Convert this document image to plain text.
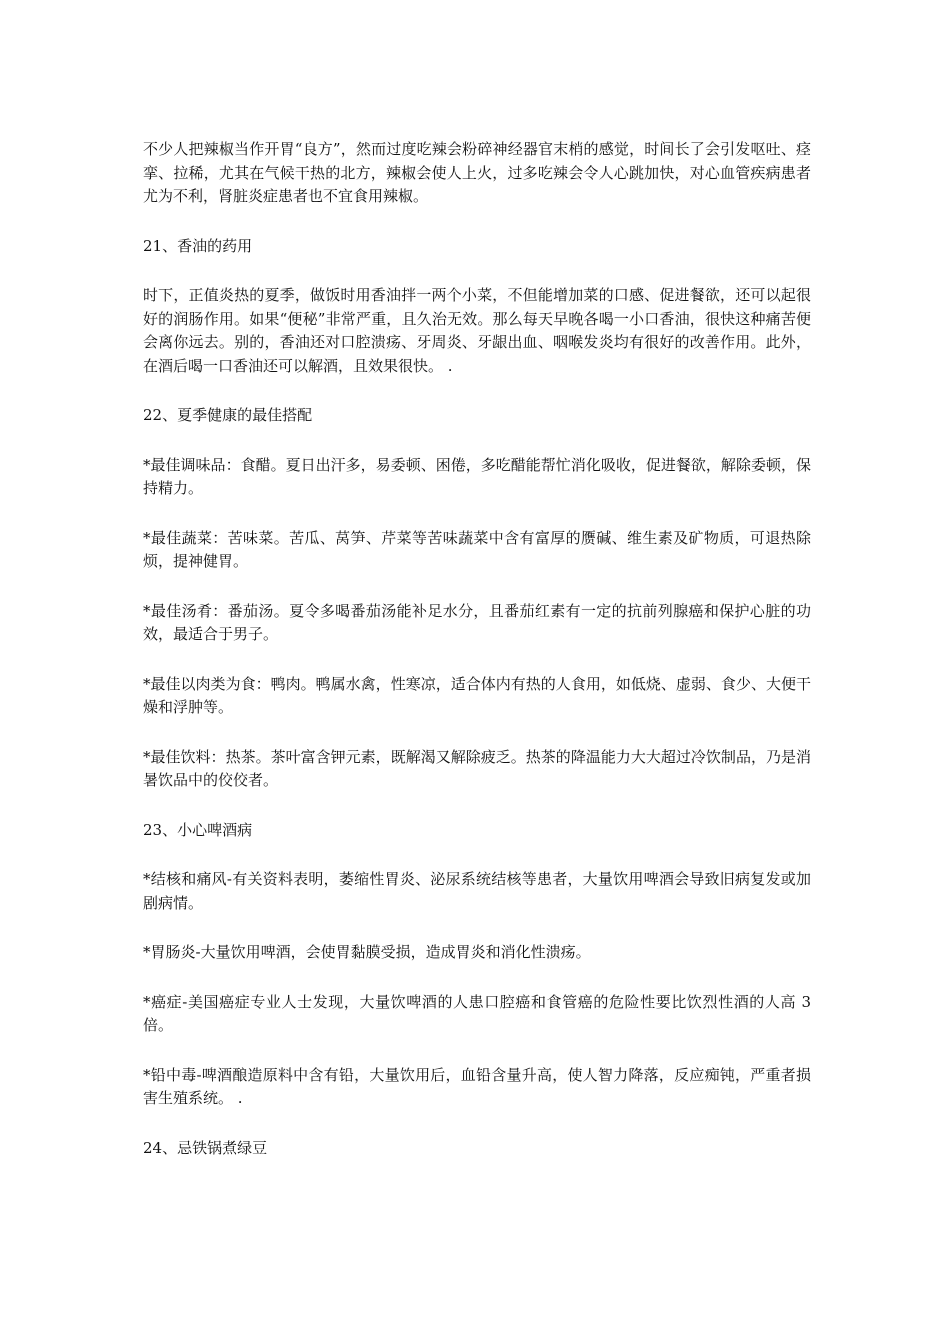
不少人把辣椒当作开胃“良方”，然而过度吃辣会粉碎神经器官末梢的感觉，时间长了会引发呕吐、痉挛、拉稀，尤其在气候干热的北方，辣椒会使人上火，过多吃辣会令人心跳加快，对心血管疾病患者尤为不利，肾脏炎症患者也不宜食用辣椒。

21、香油的药用

时下，正值炎热的夏季，做饭时用香油拌一两个小菜，不但能增加菜的口感、促进餐欲，还可以起很好的润肠作用。如果“便秘”非常严重，且久治无效。那么每天早晚各喝一小口香油，很快这种痛苦便会离你远去。别的，香油还对口腔溃疡、牙周炎、牙龈出血、咽喉发炎均有很好的改善作用。此外，在酒后喝一口香油还可以解酒，且效果很快。 .

22、夏季健康的最佳搭配

*最佳调味品：食醋。夏日出汗多，易委顿、困倦，多吃醋能帮忙消化吸收，促进餐欲，解除委顿，保持精力。

*最佳蔬菜：苦味菜。苦瓜、莴笋、芹菜等苦味蔬菜中含有富厚的赝碱、维生素及矿物质，可退热除烦，提神健胃。

*最佳汤肴：番茄汤。夏令多喝番茄汤能补足水分，且番茄红素有一定的抗前列腺癌和保护心脏的功效，最适合于男子。

*最佳以肉类为食：鸭肉。鸭属水禽，性寒凉，适合体内有热的人食用，如低烧、虚弱、食少、大便干燥和浮肿等。

*最佳饮料：热茶。茶叶富含钾元素，既解渴又解除疲乏。热茶的降温能力大大超过冷饮制品，乃是消暑饮品中的佼佼者。

23、小心啤酒病

*结核和痛风-有关资料表明，萎缩性胃炎、泌尿系统结核等患者，大量饮用啤酒会导致旧病复发或加剧病情。

*胃肠炎-大量饮用啤酒，会使胃黏膜受损，造成胃炎和消化性溃疡。

*癌症-美国癌症专业人士发现，大量饮啤酒的人患口腔癌和食管癌的危险性要比饮烈性酒的人高 3 倍。

*铅中毒-啤酒酿造原料中含有铅，大量饮用后，血铅含量升高，使人智力降落，反应痴钝，严重者损害生殖系统。 .

24、忌铁锅煮绿豆
